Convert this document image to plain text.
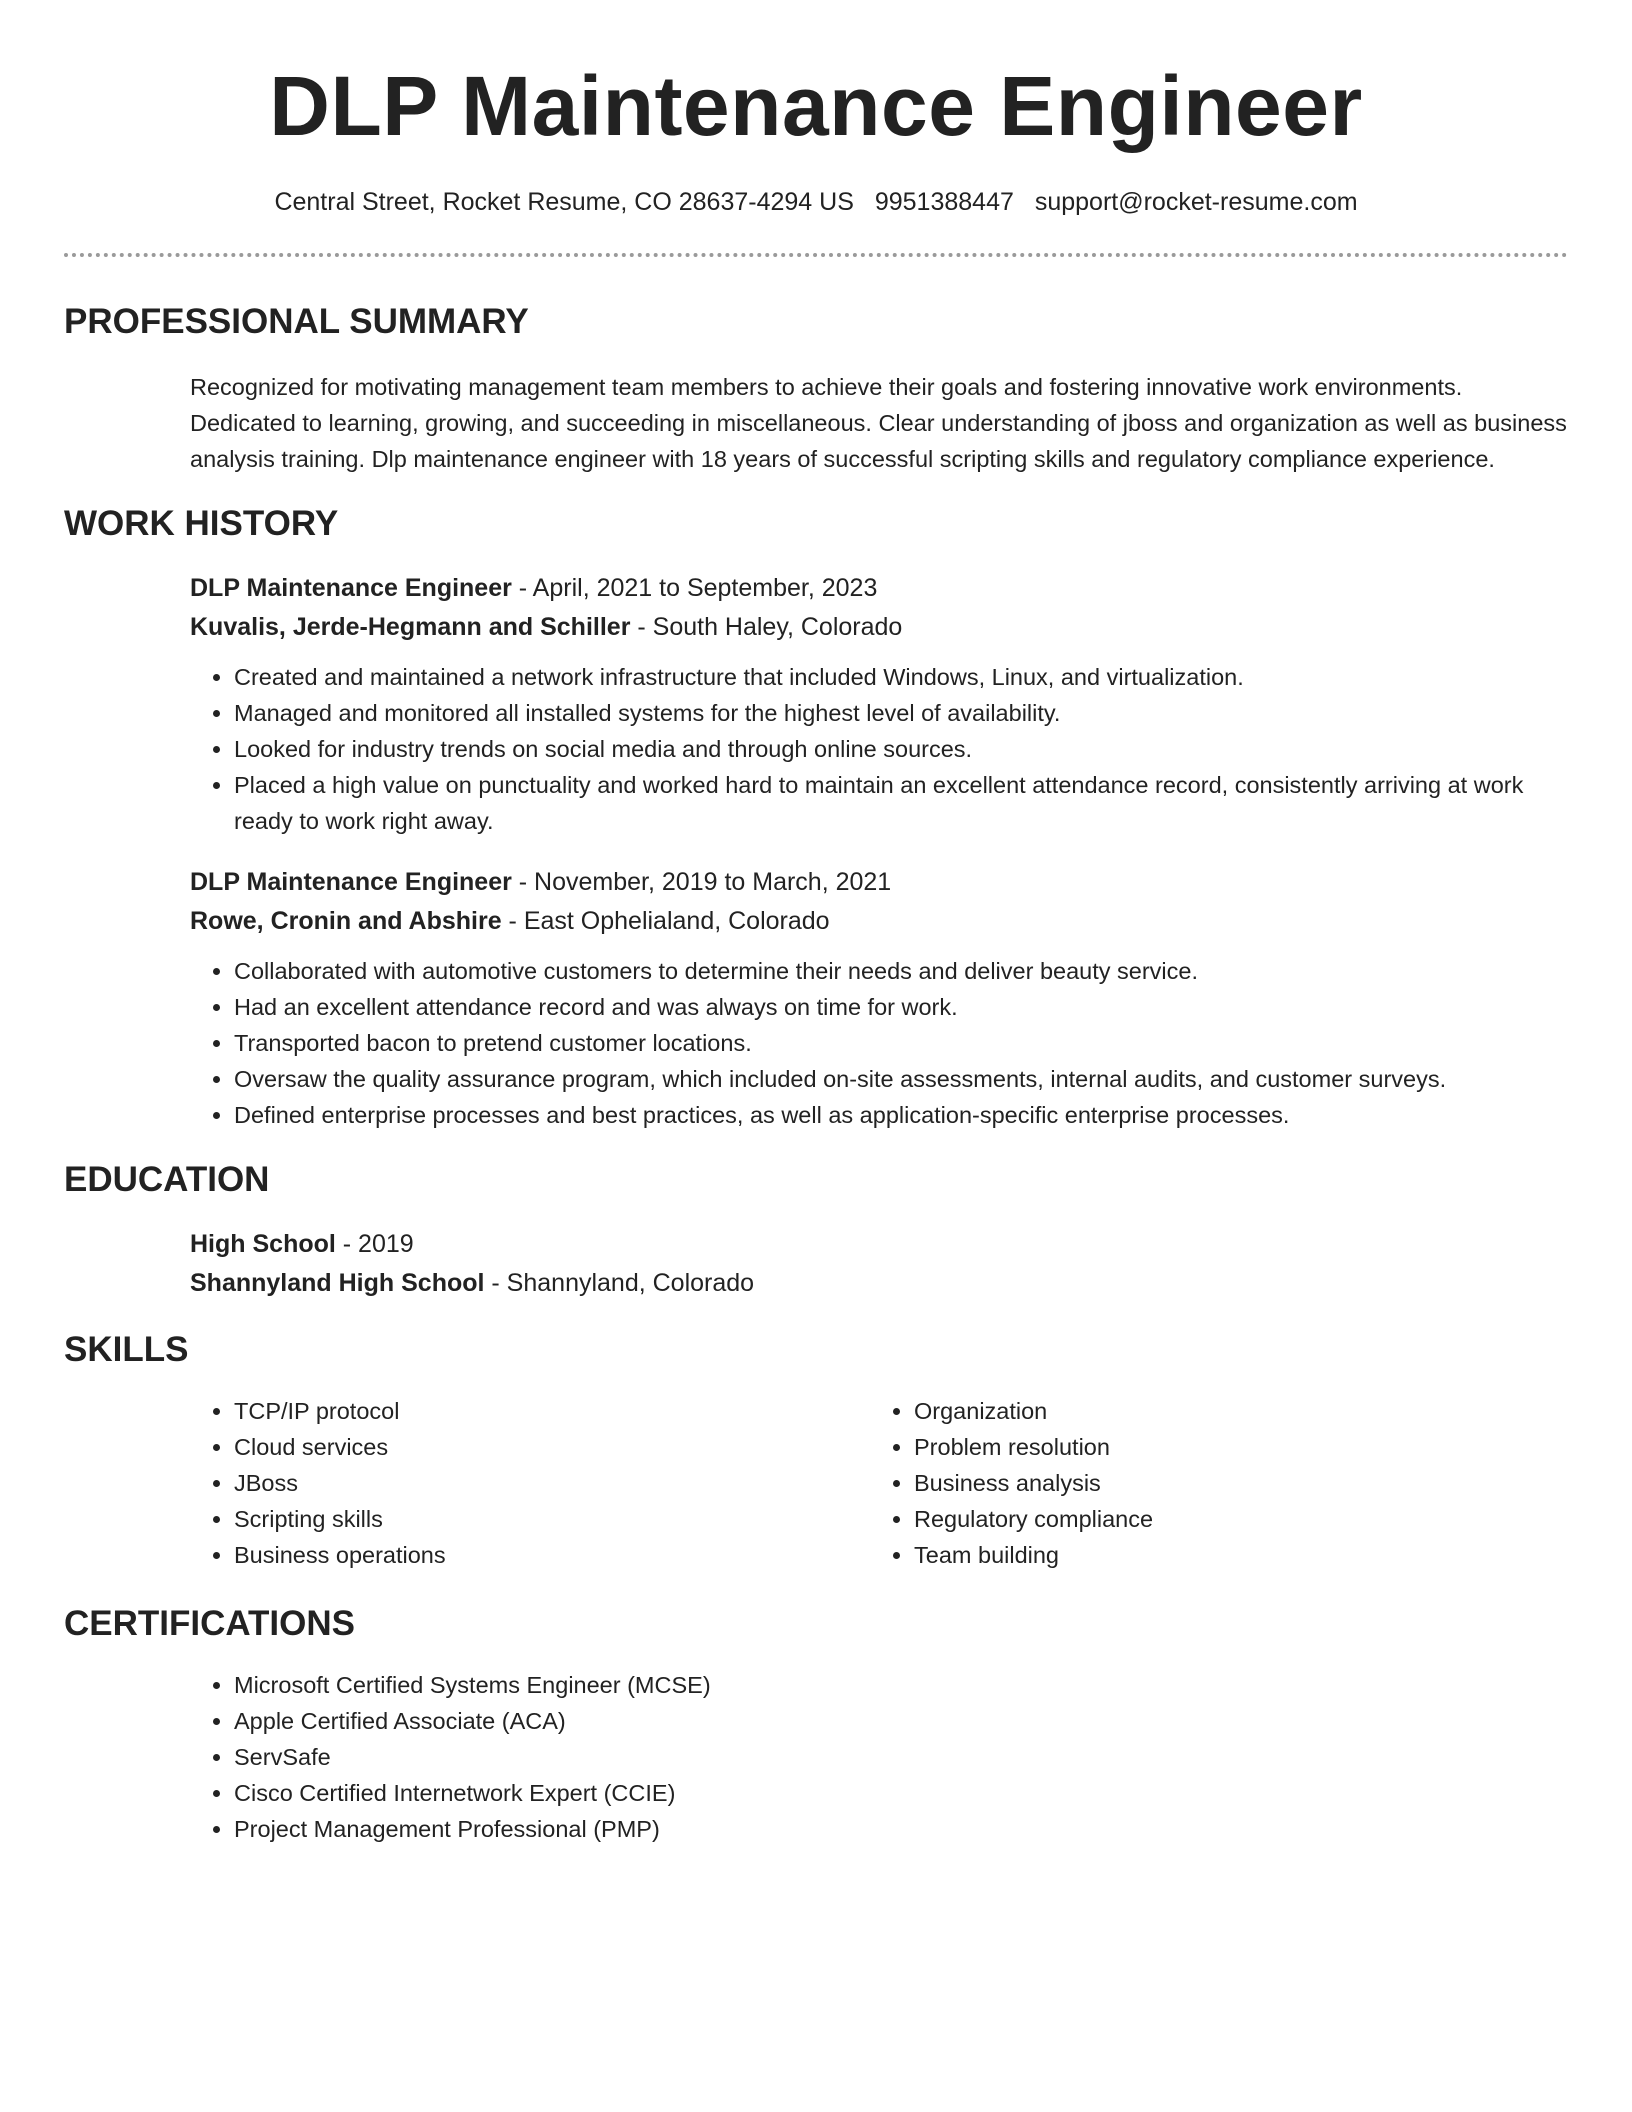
DLP Maintenance Engineer
Central Street, Rocket Resume, CO 28637-4294 US 9951388447 support@rocket-resume.com
PROFESSIONAL SUMMARY

Recognized for motivating management team members to achieve their goals and fostering innovative work environments. Dedicated to learning, growing, and succeeding in miscellaneous. Clear understanding of jboss and organization as well as business analysis training. Dlp maintenance engineer with 18 years of successful scripting skills and regulatory compliance experience.

WORK HISTORY
DLP Maintenance Engineer - April, 2021 to September, 2023
Kuvalis, Jerde-Hegmann and Schiller - South Haley, Colorado
• Created and maintained a network infrastructure that included Windows, Linux, and virtualization.
• Managed and monitored all installed systems for the highest level of availability.
• Looked for industry trends on social media and through online sources.
• Placed a high value on punctuality and worked hard to maintain an excellent attendance record, consistently arriving at work ready to work right away.
DLP Maintenance Engineer - November, 2019 to March, 2021
Rowe, Cronin and Abshire - East Ophelialand, Colorado
• Collaborated with automotive customers to determine their needs and deliver beauty service.
• Had an excellent attendance record and was always on time for work.
• Transported bacon to pretend customer locations.
• Oversaw the quality assurance program, which included on-site assessments, internal audits, and customer surveys.
• Defined enterprise processes and best practices, as well as application-specific enterprise processes.
EDUCATION
High School - 2019
Shannyland High School - Shannyland, Colorado
SKILLS
• TCP/IP protocol
• Cloud services
• JBoss
• Scripting skills
• Business operations
• Organization
• Problem resolution
• Business analysis
• Regulatory compliance
• Team building
CERTIFICATIONS
• Microsoft Certified Systems Engineer (MCSE)
• Apple Certified Associate (ACA)
• ServSafe
• Cisco Certified Internetwork Expert (CCIE)
• Project Management Professional (PMP)
